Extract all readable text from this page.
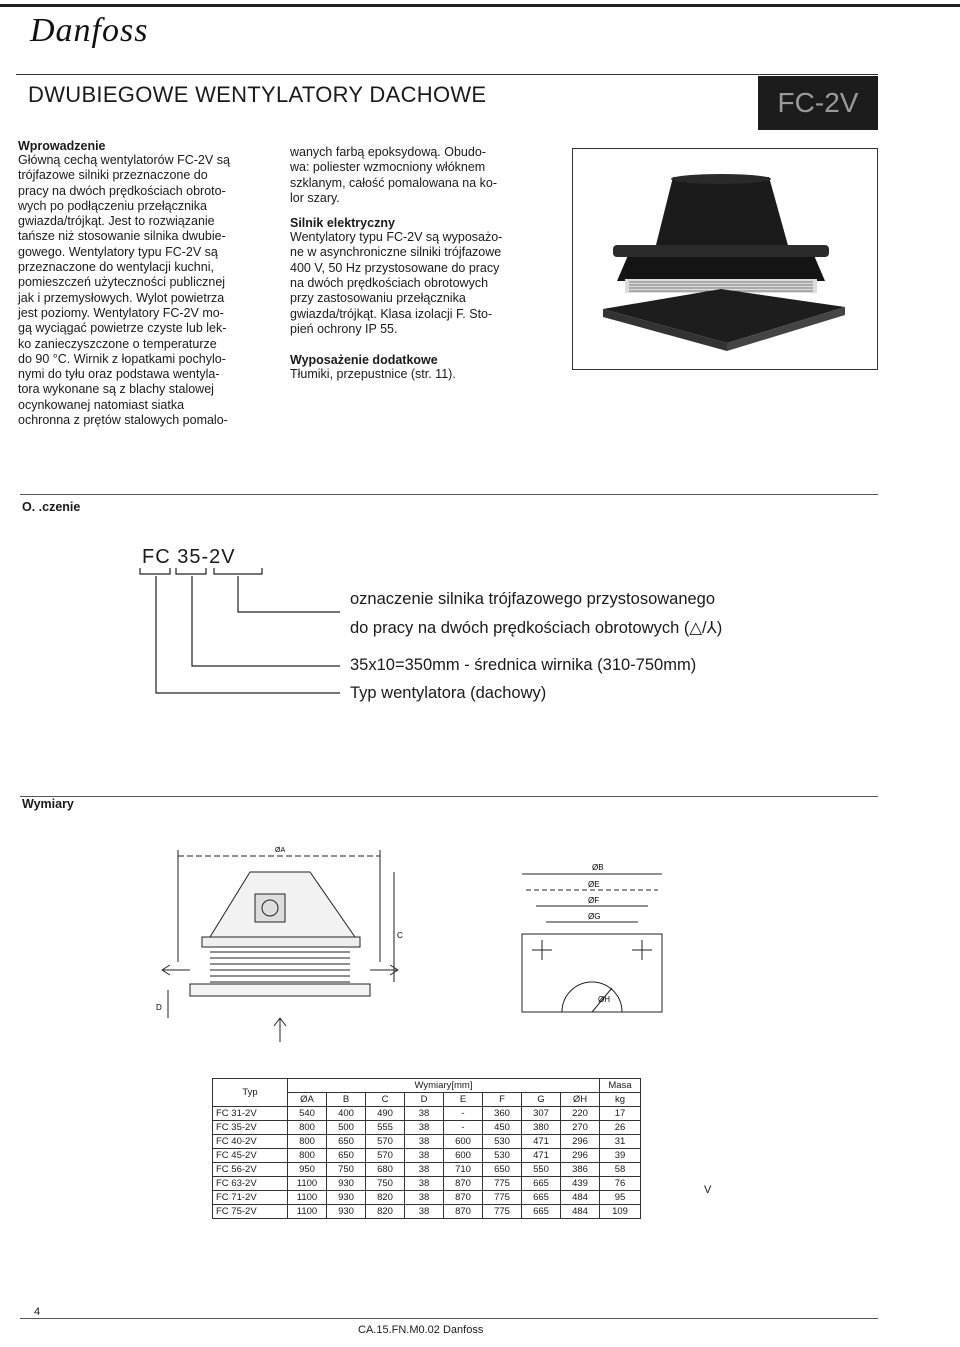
Danfoss
DWUBIEGOWE WENTYLATORY DACHOWE	FC-2V
Wprowadzenie
Główną cechą wentylatorów FC-2V są
trójfazowe silniki przeznaczone do
pracy na dwóch prędkościach obroto-
wych po podłączeniu przełącznika
gwiazda/trójkąt. Jest to rozwiązanie
tańsze niż stosowanie silnika dwubie-
gowego. Wentylatory typu FC-2V są
przeznaczone do wentylacji kuchni,
pomieszczeń użyteczności publicznej
jak i przemysłowych. Wylot powietrza
jest poziomy. Wentylatory FC-2V mo-
gą wyciągać powietrze czyste lub lek-
ko zanieczyszczone o temperaturze
do 90 °C. Wirnik z łopatkami pochylo-
nymi do tyłu oraz podstawa wentyla-
tora wykonane są z blachy stalowej
ocynkowanej natomiast siatka
ochronna z prętów stalowych pomalo-
wanych farbą epoksydową. Obudo-
wa: poliester wzmocniony włóknem
szklanym, całość pomalowana na ko-
lor szary.
Silnik elektryczny
Wentylatory typu FC-2V są wyposażo-
ne w asynchroniczne silniki trójfazowe
400 V, 50 Hz przystosowane do pracy
na dwóch prędkościach obrotowych
przy zastosowaniu przełącznika
gwiazda/trójkąt. Klasa izolacji F. Sto-
pień ochrony IP 55.
Wyposażenie dodatkowe
Tłumiki, przepustnice (str. 11).
O. .czenie
FC 35-2V
oznaczenie silnika trójfazowego przystosowanego
do pracy na dwóch prędkościach obrotowych (△/⅄)
35x10=350mm - średnica wirnika (310-750mm)
Typ wentylatora (dachowy)
Wymiary
ØA
C
D
ØB
ØE
ØF
ØG
ØH
Typ	Wymiary[mm]								Masa
	ØA	B	C	D	E	F	G	ØH	kg
FC 31-2V	540	400	490	38	-	360	307	220	17
FC 35-2V	800	500	555	38	-	450	380	270	26
FC 40-2V	800	650	570	38	600	530	471	296	31
FC 45-2V	800	650	570	38	600	530	471	296	39
FC 56-2V	950	750	680	38	710	650	550	386	58
FC 63-2V	1100	930	750	38	870	775	665	439	76
FC 71-2V	1100	930	820	38	870	775	665	484	95
FC 75-2V	1100	930	820	38	870	775	665	484	109
V
4
CA.15.FN.M0.02 Danfoss
